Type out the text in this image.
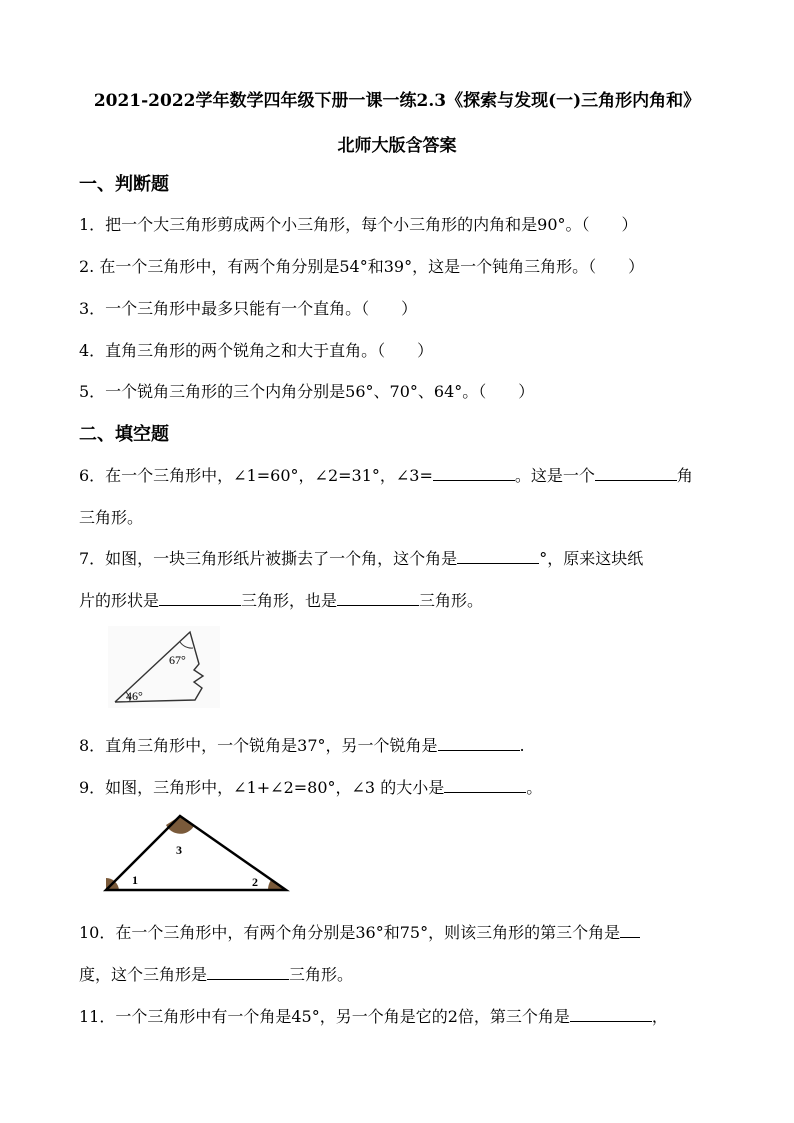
2021-2022学年数学四年级下册一课一练2.3《探索与发现(一)三角形内角和》
北师大版含答案
一、判断题
1．把一个大三角形剪成两个小三角形，每个小三角形的内角和是90°。（　　）
2. 在一个三角形中，有两个角分别是54°和39°，这是一个钝角三角形。（　　）
3．一个三角形中最多只能有一个直角。（　　）
4．直角三角形的两个锐角之和大于直角。（　　）
5．一个锐角三角形的三个内角分别是56°、70°、64°。（　　）
二、填空题
6．在一个三角形中，∠1=60°，∠2=31°，∠3=	。这是一个	角
三角形。
7．如图，一块三角形纸片被撕去了一个角，这个角是	°，原来这块纸
片的形状是	三角形，也是	三角形。
67°
46°
8．直角三角形中，一个锐角是37°，另一个锐角是	.
9．如图，三角形中，∠1+∠2=80°，∠3 的大小是	。
3
1	2
10．在一个三角形中，有两个角分别是36°和75°，则该三角形的第三个角是
度，这个三角形是	三角形。
11．一个三角形中有一个角是45°，另一个角是它的2倍，第三个角是	，
